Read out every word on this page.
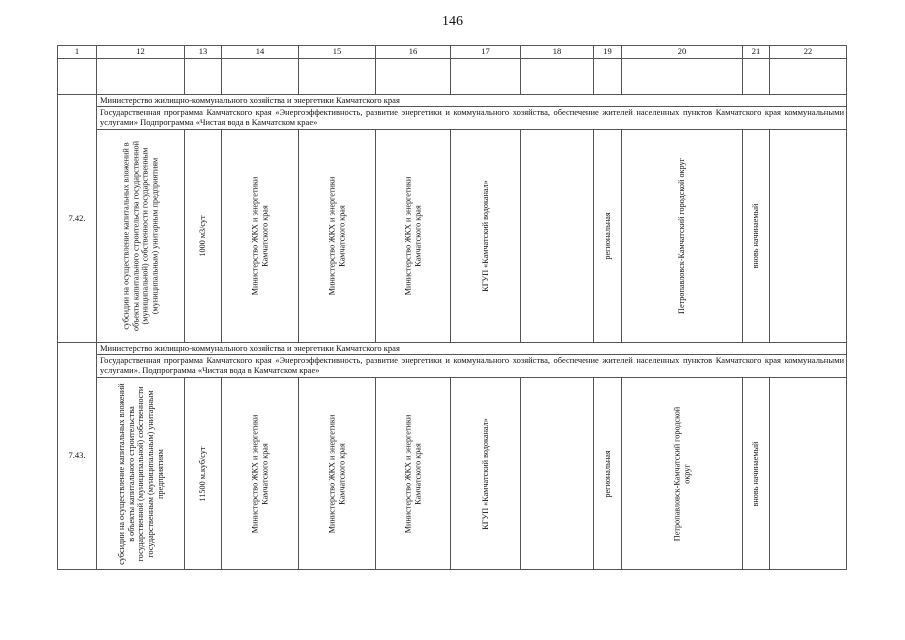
146
1	12	13	14	15	16	17	18	19	20	21	22

7.42.	Министерство жилищно-коммунального хозяйства и энергетики Камчатского края										
	Государственная программа Камчатского края «Энергоэффективность, развитие энергетики и коммунального хозяйства, обеспечение жителей населенных пунктов Камчатского края коммунальными услугами» Подпрограмма «Чистая вода в Камчатском крае»										

	субсидии на осуществление капитальных вложений в объекты капитального строительства государственной (муниципальной) собственности государственным (муниципальным) унитарным предприятиям	1000 м3/сут	Министерство ЖКХ и энергетики Камчатского края	Министерство ЖКХ и энергетики Камчатского края	Министерство ЖКХ и энергетики Камчатского края	КГУП «Камчатский водоканал»		региональная	Петропавловск-Камчатский городской округ	вновь начинаемый	

7.43.	Министерство жилищно-коммунального хозяйства и энергетики Камчатского края										
	Государственная программа Камчатского края «Энергоэффективность, развитие энергетики и коммунального хозяйства, обеспечение жителей населенных пунктов Камчатского края коммунальными услугами». Подпрограмма «Чистая вода в Камчатском крае»										

	субсидии на осуществление капитальных вложений в объекты капитального строительства государственной (муниципальной) собственности государственным (муниципальным) унитарным предприятиям	11500 м.куб/сут	Министерство ЖКХ и энергетики Камчатского края	Министерство ЖКХ и энергетики Камчатского края	Министерство ЖКХ и энергетики Камчатского края	КГУП «Камчатский водоканал»		региональная	Петропавловск-Камчатский городской округ	вновь начинаемый	
